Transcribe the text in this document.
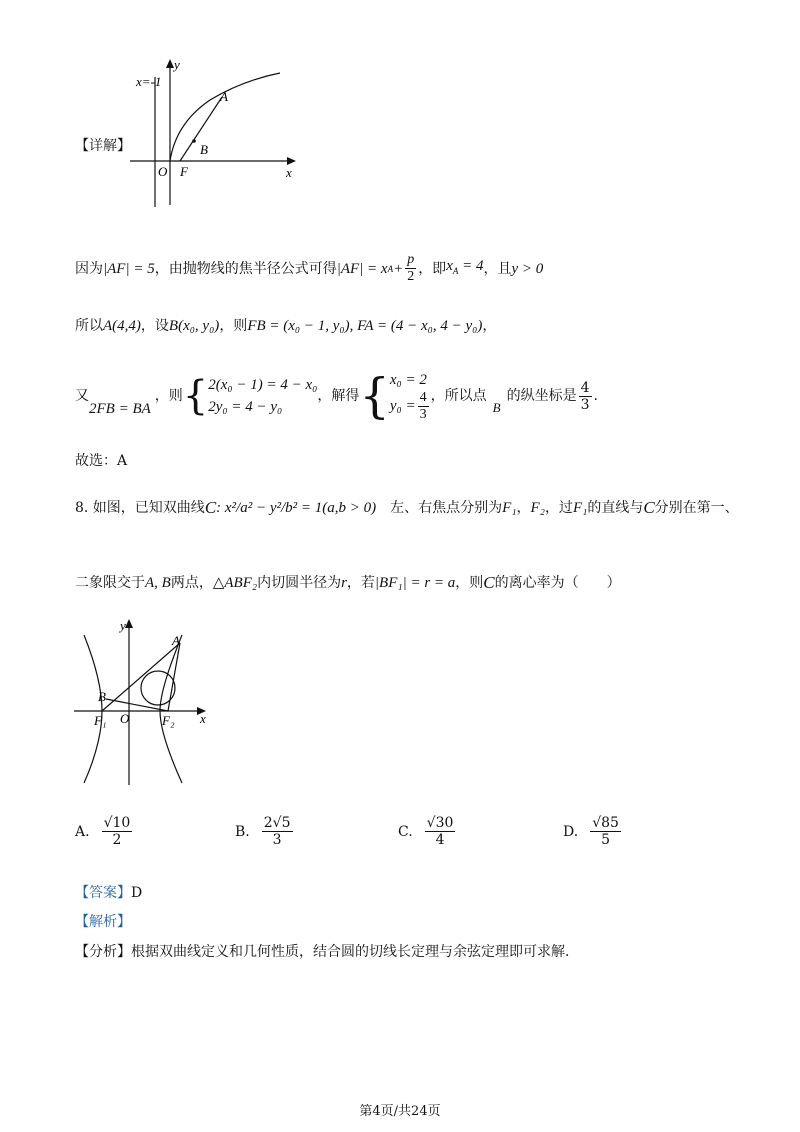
y
x=-1
A
B
O F	x
【详解】
因为 |AF| = 5 ，由抛物线的焦半径公式可得 |AF| = x $A + \frac{p}{2}$ ，即 $x_A = 4$ ，且 y > 0
所以 A(4,4) ，设 B(x₀, y₀) ，则 FB = (x₀ − 1, y₀), FA = (4 − x₀, 4 − y₀) ，
又
2FB = BA
，则 { 2(x₀ − 1) = 4 − x₀
2y₀ = 4 − y₀
，解得 { x₀ = 2
$y_0 = \frac{4}{3}$ ，所以点
B
的纵坐标是 $\frac{4}{3}$ .
故选：A
8. 如图，已知双曲线 C : x²/a² − y²/b² = 1(a,b > 0) 左、右焦点分别为 F₁ ， F₂ ，过 F₁ 的直线与 C 分别在第一、
二象限交于 A, B 两点， △ABF₂ 内切圆半径为 r ，若 |BF₁| = r = a ，则 C 的离心率为（　　）
y
A
B
F₁ O	F₂ x
A. $\frac{√10}{2}$	B. $\frac{2√5}{3}$	C. $\frac{√30}{4}$	D. $\frac{√85}{5}$
【答案】D
【解析】
【分析】根据双曲线定义和几何性质，结合圆的切线长定理与余弦定理即可求解.
第4页/共24页
